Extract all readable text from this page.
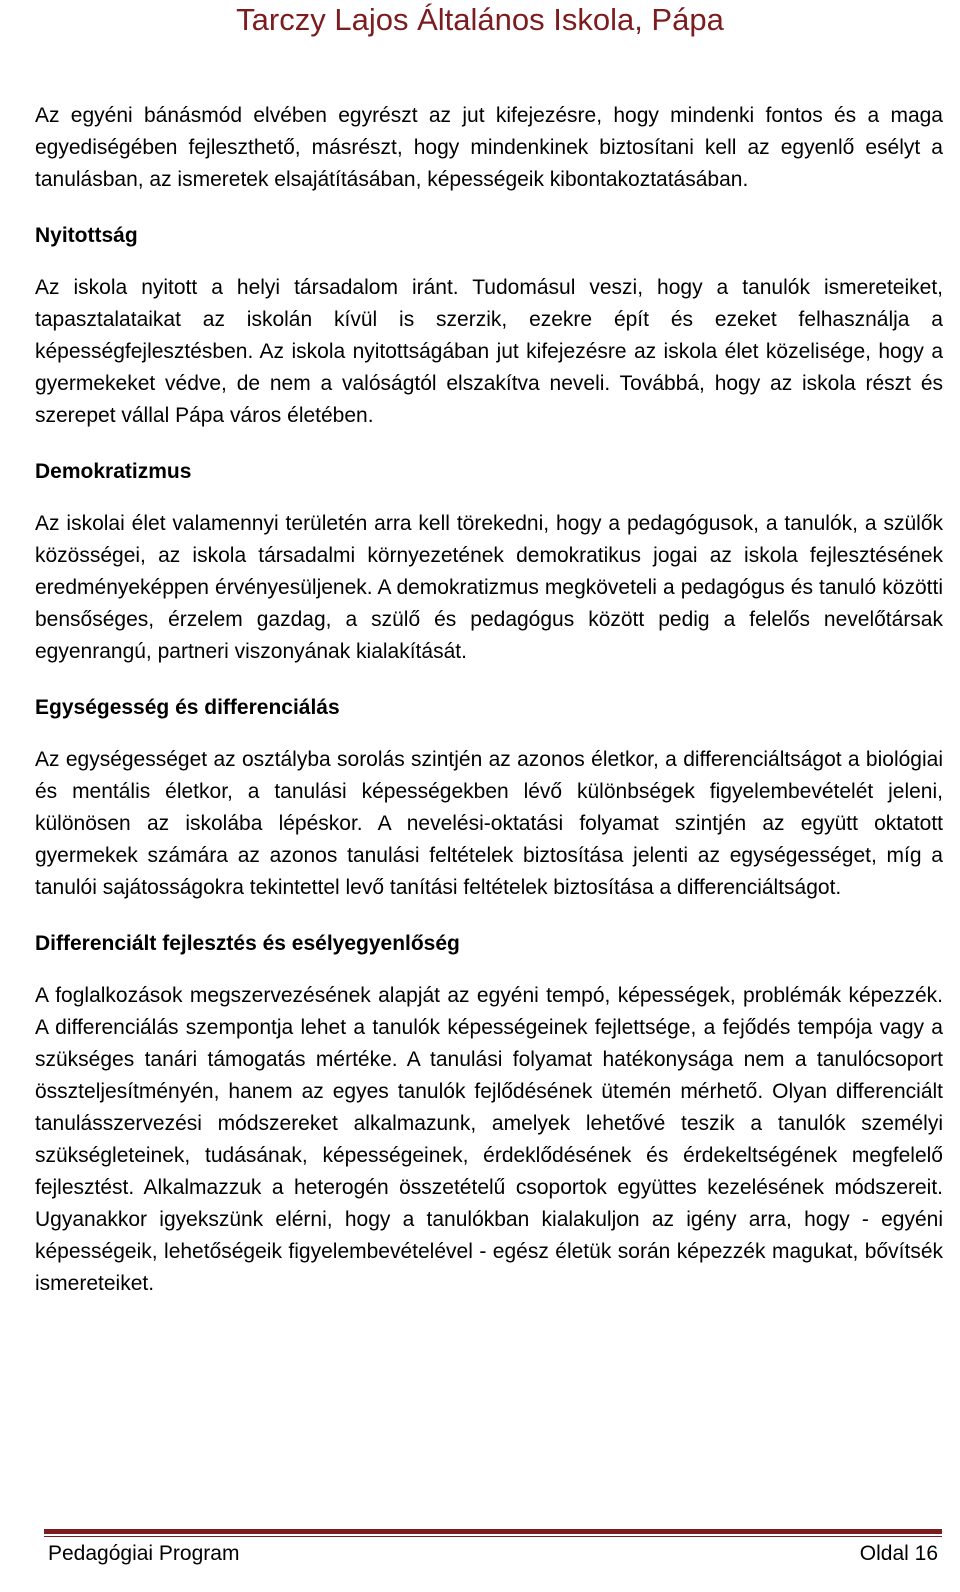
Tarczy Lajos Általános Iskola, Pápa

Az egyéni bánásmód elvében egyrészt az jut kifejezésre, hogy mindenki fontos és a maga egyediségében fejleszthető, másrészt, hogy mindenkinek biztosítani kell az egyenlő esélyt a tanulásban, az ismeretek elsajátításában, képességeik kibontakoztatásában.

Nyitottság

Az iskola nyitott a helyi társadalom iránt. Tudomásul veszi, hogy a tanulók ismereteiket, tapasztalataikat az iskolán kívül is szerzik, ezekre épít és ezeket felhasználja a képességfejlesztésben. Az iskola nyitottságában jut kifejezésre az iskola élet közelisége, hogy a gyermekeket védve, de nem a valóságtól elszakítva neveli. Továbbá, hogy az iskola részt és szerepet vállal Pápa város életében.

Demokratizmus

Az iskolai élet valamennyi területén arra kell törekedni, hogy a pedagógusok, a tanulók, a szülők közösségei, az iskola társadalmi környezetének demokratikus jogai az iskola fejlesztésének eredményeképpen érvényesüljenek. A demokratizmus megköveteli a pedagógus és tanuló közötti bensőséges, érzelem gazdag, a szülő és pedagógus között pedig a felelős nevelőtársak egyenrangú, partneri viszonyának kialakítását.

Egységesség és differenciálás

Az egységességet az osztályba sorolás szintjén az azonos életkor, a differenciáltságot a biológiai és mentális életkor, a tanulási képességekben lévő különbségek figyelembevételét jeleni, különösen az iskolába lépéskor. A nevelési-oktatási folyamat szintjén az együtt oktatott gyermekek számára az azonos tanulási feltételek biztosítása jelenti az egységességet, míg a tanulói sajátosságokra tekintettel levő tanítási feltételek biztosítása a differenciáltságot.

Differenciált fejlesztés és esélyegyenlőség

A foglalkozások megszervezésének alapját az egyéni tempó, képességek, problémák képezzék. A differenciálás szempontja lehet a tanulók képességeinek fejlettsége, a fejődés tempója vagy a szükséges tanári támogatás mértéke. A tanulási folyamat hatékonysága nem a tanulócsoport összteljesítményén, hanem az egyes tanulók fejlődésének ütemén mérhető. Olyan differenciált tanulásszervezési módszereket alkalmazunk, amelyek lehetővé teszik a tanulók személyi szükségleteinek, tudásának, képességeinek, érdeklődésének és érdekeltségének megfelelő fejlesztést. Alkalmazzuk a heterogén összetételű csoportok együttes kezelésének módszereit. Ugyanakkor igyekszünk elérni, hogy a tanulókban kialakuljon az igény arra, hogy - egyéni képességeik, lehetőségeik figyelembevételével - egész életük során képezzék magukat, bővítsék ismereteiket.

Pedagógiai Program	Oldal 16
